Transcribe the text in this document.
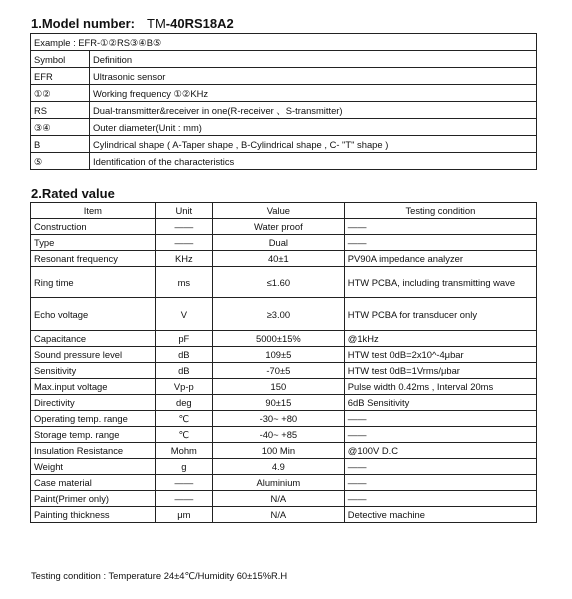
1.Model number: TM-40RS18A2
Example : EFR-①②RS③④B⑤	
Symbol	Definition
EFR	Ultrasonic sensor
①②	Working frequency ①②KHz
RS	Dual-transmitter&receiver in one(R-receiver 、S-transmitter)
③④	Outer diameter(Unit : mm)
B	Cylindrical shape ( A-Taper shape , B-Cylindrical shape , C- "T" shape )
⑤	Identification of the characteristics
2.Rated value
Item	Unit	Value	Testing condition
Construction	——	Water proof	——
Type	——	Dual	——
Resonant frequency	KHz	40±1	PV90A impedance analyzer
Ring time	ms	≤1.60	HTW PCBA, including transmitting wave
Echo voltage	V	≥3.00	HTW PCBA for transducer only
Capacitance	pF	5000±15%	@1kHz
Sound pressure level	dB	109±5	HTW test 0dB=2x10^-4μbar
Sensitivity	dB	-70±5	HTW test 0dB=1Vrms/μbar
Max.input voltage	Vp-p	150	Pulse width 0.42ms , Interval 20ms
Directivity	deg	90±15	6dB Sensitivity
Operating temp. range	℃	-30~ +80	——
Storage temp. range	℃	-40~ +85	——
Insulation Resistance	Mohm	100 Min	@100V D.C
Weight	g	4.9	——
Case material	——	Aluminium	——
Paint(Primer only)	——	N/A	——
Painting thickness	μm	N/A	Detective machine
Testing condition : Temperature 24±4℃/Humidity 60±15%R.H
